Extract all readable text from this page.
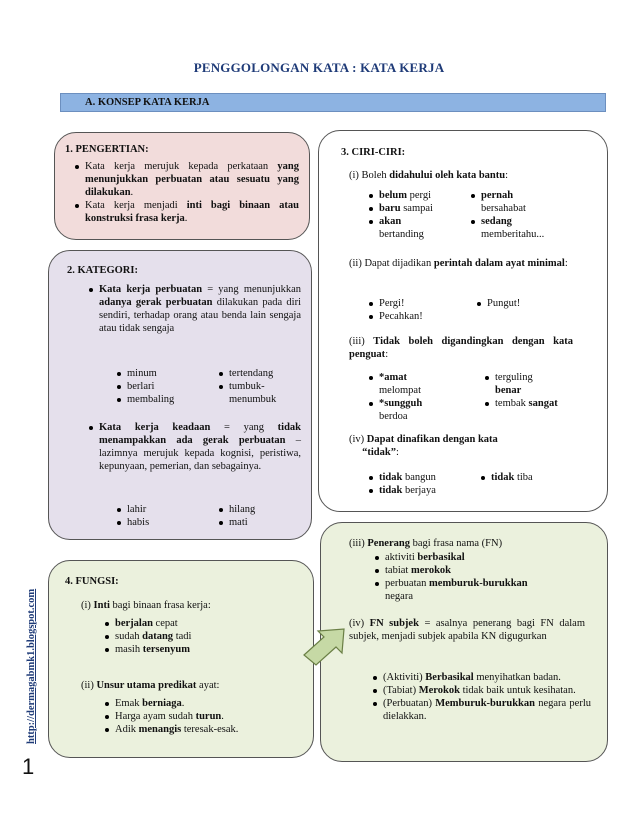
PENGGOLONGAN KATA : KATA KERJA
A. KONSEP KATA KERJA
1. PENGERTIAN:
Kata kerja merujuk kepada perkataan yang menunjukkan perbuatan atau sesuatu yang dilakukan.
Kata kerja menjadi inti bagi binaan atau konstruksi frasa kerja.
2. KATEGORI:
Kata kerja perbuatan = yang menunjukkan adanya gerak perbuatan dilakukan pada diri sendiri, terhadap orang atau benda lain sengaja atau tidak sengaja
minum
berlari
membaling
tertendang
tumbuk-menumbuk
Kata kerja keadaan = yang tidak menampakkan ada gerak perbuatan – lazimnya merujuk kepada kognisi, peristiwa, kepunyaan, pemerian, dan sebagainya.
lahir
habis
hilang
mati
4. FUNGSI:
(i) Inti bagi binaan frasa kerja:
berjalan cepat
sudah datang tadi
masih tersenyum
(ii) Unsur utama predikat ayat:
Emak berniaga.
Harga ayam sudah turun.
Adik menangis teresak-esak.
3. CIRI-CIRI:
(i) Boleh didahului oleh kata bantu:
belum pergi
baru sampai
akan
bertanding
pernah
bersahabat
sedang
memberitahu...
(ii) Dapat dijadikan perintah dalam ayat minimal:
Pergi!
Pecahkan!
Pungut!
(iii) Tidak boleh digandingkan dengan kata penguat:
*amat
melompat
*sungguh
berdoa
terguling
benar
tembak sangat
(iv) Dapat dinafikan dengan kata
“tidak”:
tidak bangun
tidak berjaya
tidak tiba
(iii) Penerang bagi frasa nama (FN)
aktiviti berbasikal
tabiat merokok
perbuatan memburuk-burukkan negara
(iv) FN subjek = asalnya penerang bagi FN dalam subjek, menjadi subjek apabila KN digugurkan
(Aktiviti) Berbasikal menyihatkan badan.
(Tabiat) Merokok tidak baik untuk kesihatan.
(Perbuatan) Memburuk-burukkan negara perlu dielakkan.
http://dermagabmk1.blogspot.com
1
